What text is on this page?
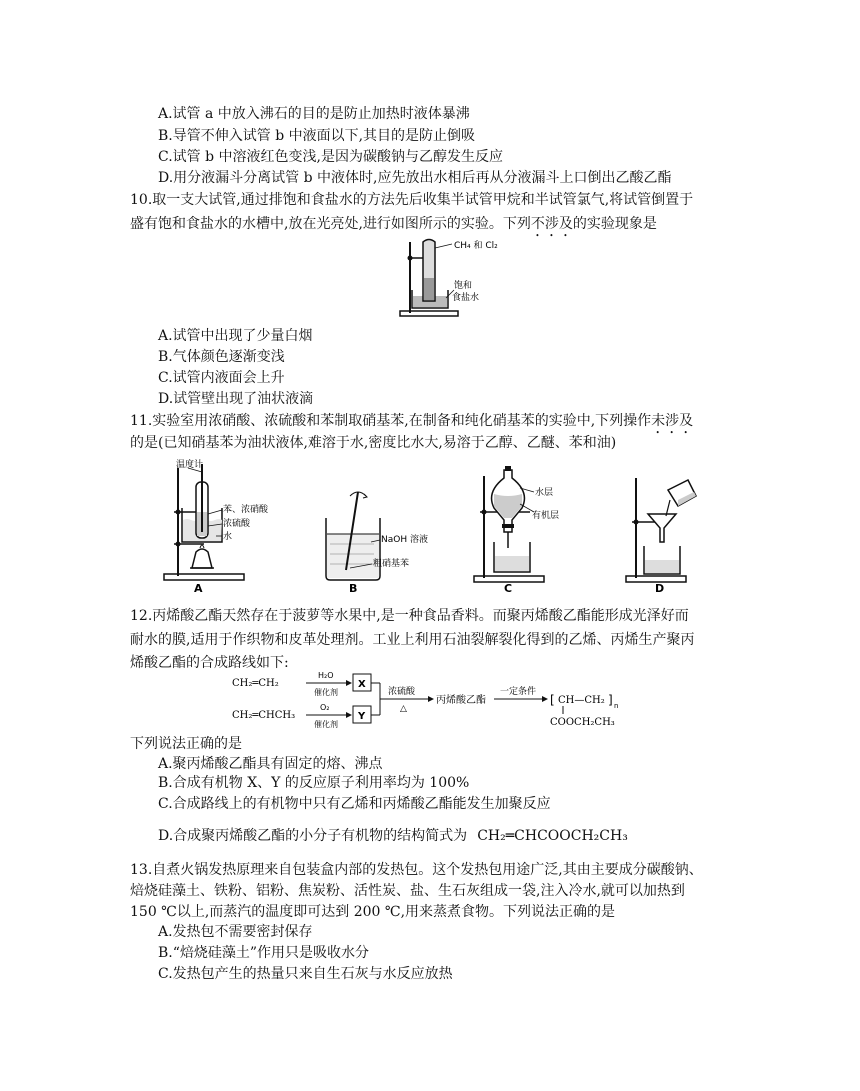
A.试管 a 中放入沸石的目的是防止加热时液体暴沸
B.导管不伸入试管 b 中液面以下,其目的是防止倒吸
C.试管 b 中溶液红色变浅,是因为碳酸钠与乙醇发生反应
D.用分液漏斗分离试管 b 中液体时,应先放出水相后再从分液漏斗上口倒出乙酸乙酯
10.取一支大试管,通过排饱和食盐水的方法先后收集半试管甲烷和半试管氯气,将试管倒置于
盛有饱和食盐水的水槽中,放在光亮处,进行如图所示的实验。下列不涉及的实验现象是
CH₄ 和 Cl₂
饱和
食盐水
A.试管中出现了少量白烟
B.气体颜色逐渐变浅
C.试管内液面会上升
D.试管壁出现了油状液滴
11.实验室用浓硝酸、浓硫酸和苯制取硝基苯,在制备和纯化硝基苯的实验中,下列操作未涉及
的是(已知硝基苯为油状液体,难溶于水,密度比水大,易溶于乙醇、乙醚、苯和油)
温度计
苯、浓硝酸
浓硫酸
水
A
NaOH 溶液
粗硝基苯
B
水层
有机层
C	D
12.丙烯酸乙酯天然存在于菠萝等水果中,是一种食品香料。而聚丙烯酸乙酯能形成光泽好而
耐水的膜,适用于作织物和皮革处理剂。工业上利用石油裂解裂化得到的乙烯、丙烯生产聚丙
烯酸乙酯的合成路线如下:
CH₂═CH₂
CH₂═CHCH₃
H₂O
催化剂
O₂
催化剂
X
Y
浓硫酸
△
丙烯酸乙酯
一定条件
[ CH—CH₂ ] n
COOCH₂CH₃
下列说法正确的是
A.聚丙烯酸乙酯具有固定的熔、沸点
B.合成有机物 X、Y 的反应原子利用率均为 100%
C.合成路线上的有机物中只有乙烯和丙烯酸乙酯能发生加聚反应
D.合成聚丙烯酸乙酯的小分子有机物的结构简式为 CH₂═CHCOOCH₂CH₃
13.自煮火锅发热原理来自包装盒内部的发热包。这个发热包用途广泛,其由主要成分碳酸钠、
焙烧硅藻土、铁粉、铝粉、焦炭粉、活性炭、盐、生石灰组成一袋,注入冷水,就可以加热到
150 ℃以上,而蒸汽的温度即可达到 200 ℃,用来蒸煮食物。下列说法正确的是
A.发热包不需要密封保存
B.“焙烧硅藻土”作用只是吸收水分
C.发热包产生的热量只来自生石灰与水反应放热
